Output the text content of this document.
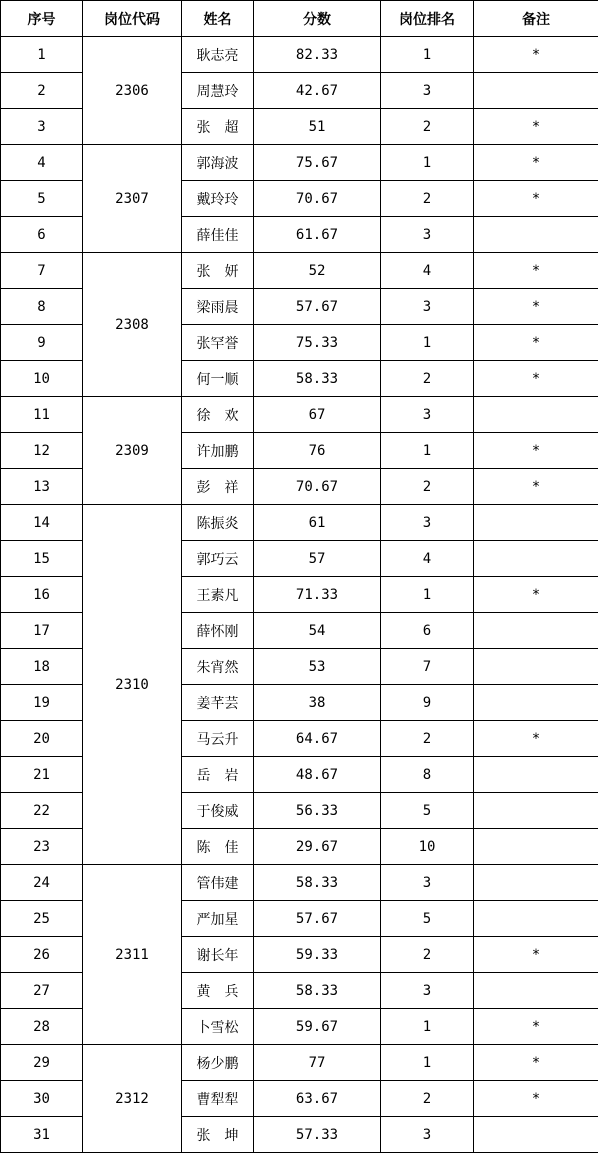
序号	岗位代码	姓名	分数	岗位排名	备注
1	2306	耿志亮	82.33	1	*
2		周慧玲	42.67	3	
3		张　超	51	2	*
4	2307	郭海波	75.67	1	*
5		戴玲玲	70.67	2	*
6		薛佳佳	61.67	3	
7	2308	张　妍	52	4	*
8		梁雨晨	57.67	3	*
9		张罕誉	75.33	1	*
10		何一顺	58.33	2	*
11	2309	徐　欢	67	3	
12		许加鹏	76	1	*
13		彭　祥	70.67	2	*
14	2310	陈振炎	61	3	
15		郭巧云	57	4	
16		王素凡	71.33	1	*
17		薛怀刚	54	6	
18		朱宵然	53	7	
19		姜芊芸	38	9	
20		马云升	64.67	2	*
21		岳　岩	48.67	8	
22		于俊威	56.33	5	
23		陈　佳	29.67	10	
24	2311	管伟建	58.33	3	
25		严加星	57.67	5	
26		谢长年	59.33	2	*
27		黄　兵	58.33	3	
28		卜雪松	59.67	1	*
29	2312	杨少鹏	77	1	*
30		曹犁犁	63.67	2	*
31		张　坤	57.33	3	
